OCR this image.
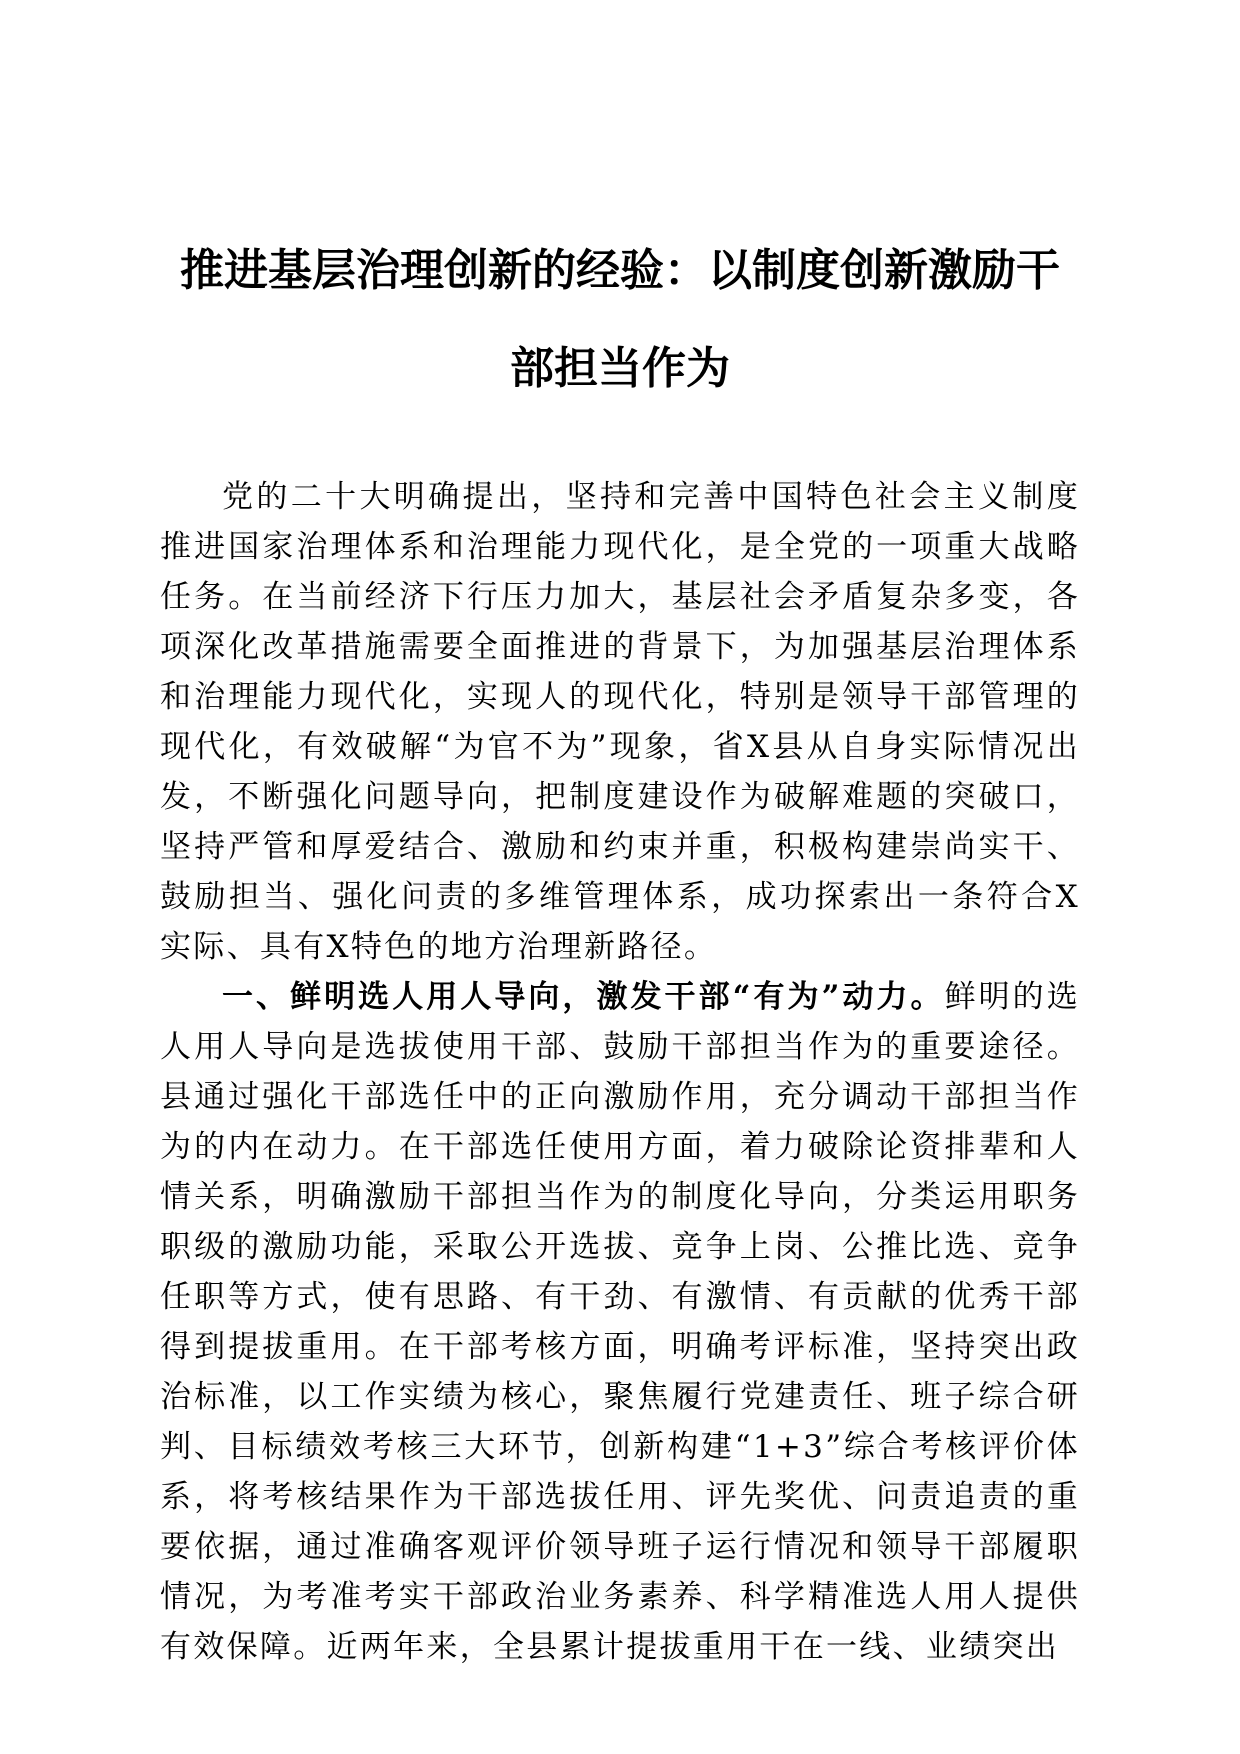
推进基层治理创新的经验：以制度创新激励干
部担当作为

党的二十大明确提出，坚持和完善中国特色社会主义制度推进国家治理体系和治理能力现代化，是全党的一项重大战略任务。在当前经济下行压力加大，基层社会矛盾复杂多变，各项深化改革措施需要全面推进的背景下，为加强基层治理体系和治理能力现代化，实现人的现代化，特别是领导干部管理的现代化，有效破解“为官不为”现象，省X县从自身实际情况出发，不断强化问题导向，把制度建设作为破解难题的突破口，坚持严管和厚爱结合、激励和约束并重，积极构建崇尚实干、鼓励担当、强化问责的多维管理体系，成功探索出一条符合X实际、具有X特色的地方治理新路径。

一、鲜明选人用人导向，激发干部“有为”动力。鲜明的选人用人导向是选拔使用干部、鼓励干部担当作为的重要途径。县通过强化干部选任中的正向激励作用，充分调动干部担当作为的内在动力。在干部选任使用方面，着力破除论资排辈和人情关系，明确激励干部担当作为的制度化导向，分类运用职务职级的激励功能，采取公开选拔、竞争上岗、公推比选、竞争任职等方式，使有思路、有干劲、有激情、有贡献的优秀干部得到提拔重用。在干部考核方面，明确考评标准，坚持突出政治标准，以工作实绩为核心，聚焦履行党建责任、班子综合研判、目标绩效考核三大环节，创新构建“1+3”综合考核评价体系，将考核结果作为干部选拔任用、评先奖优、问责追责的重要依据，通过准确客观评价领导班子运行情况和领导干部履职情况，为考准考实干部政治业务素养、科学精准选人用人提供有效保障。近两年来，全县累计提拔重用干在一线、业绩突出
